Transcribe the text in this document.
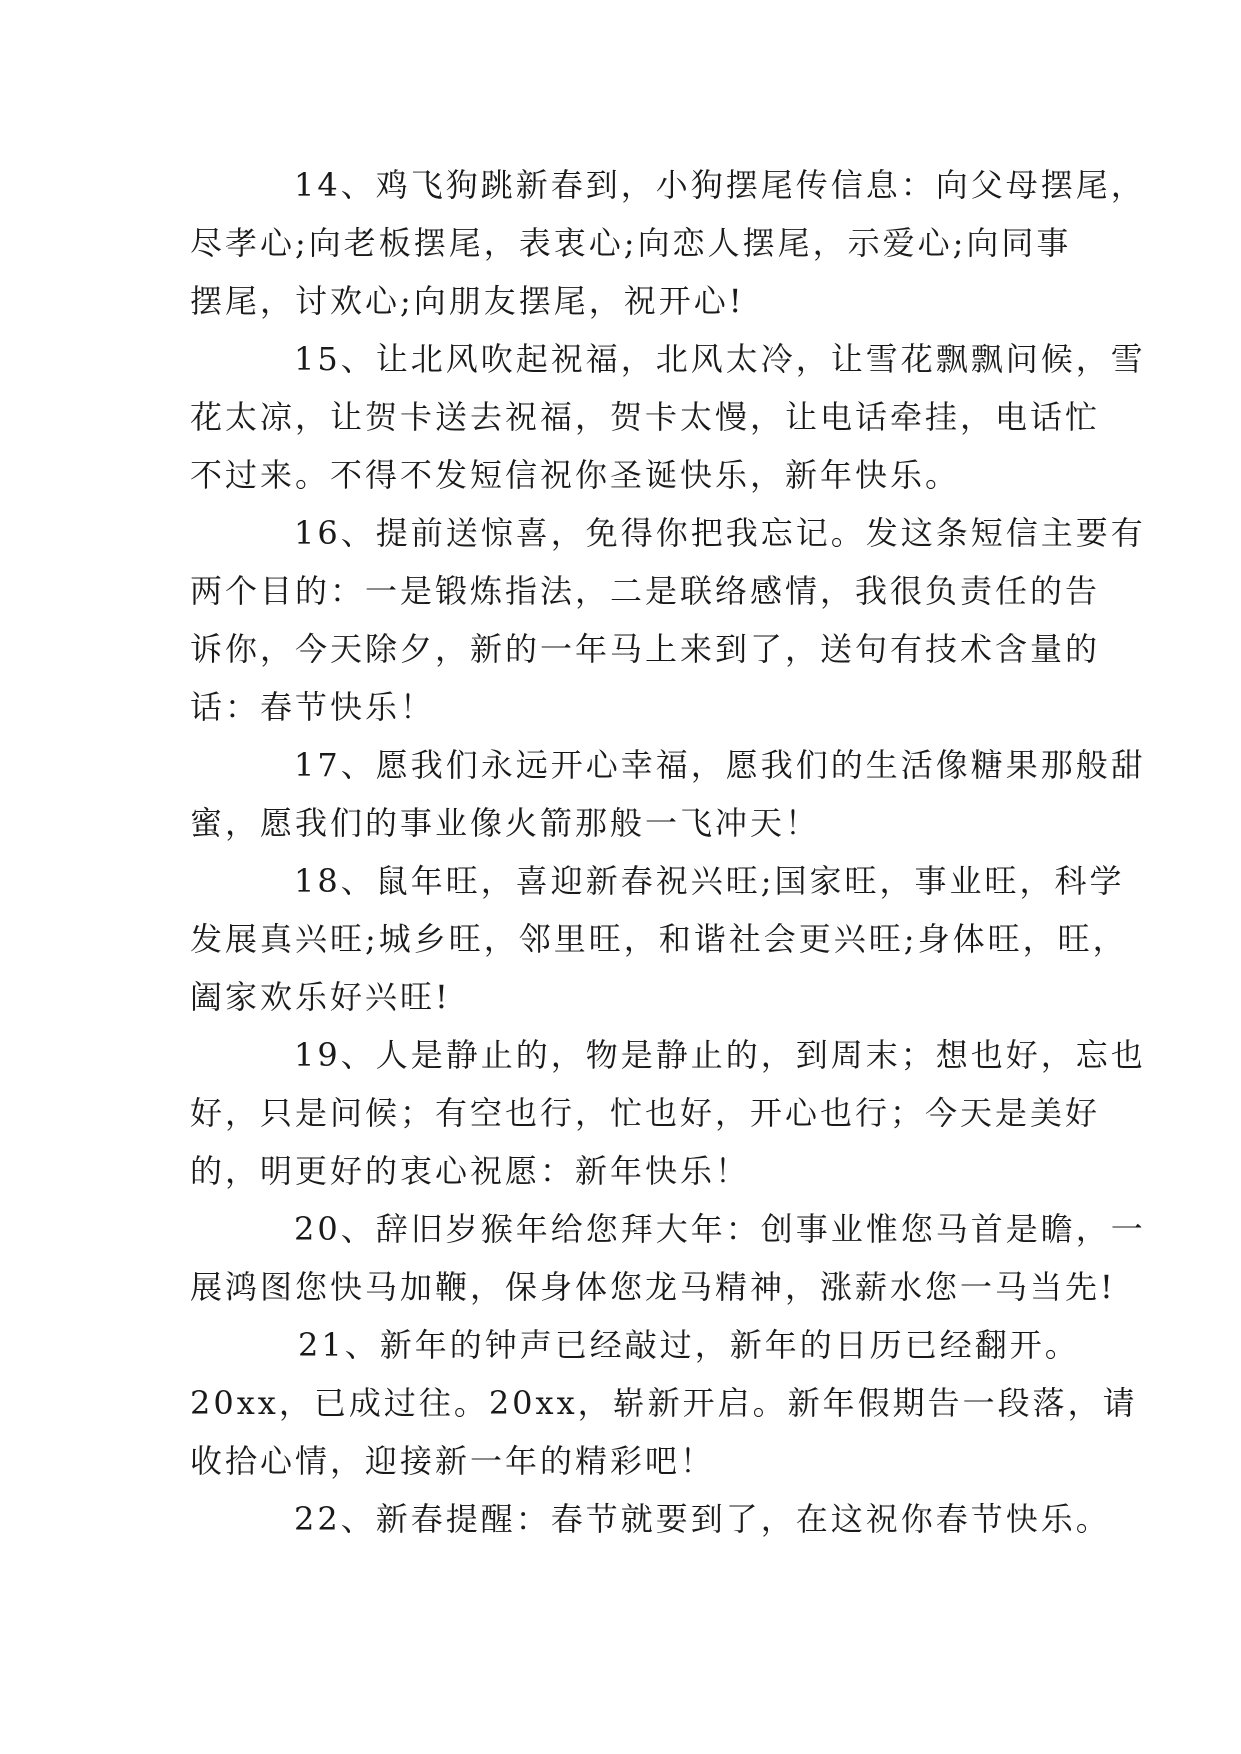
14、鸡飞狗跳新春到，小狗摆尾传信息：向父母摆尾，
尽孝心;向老板摆尾，表衷心;向恋人摆尾，示爱心;向同事
摆尾，讨欢心;向朋友摆尾，祝开心!

15、让北风吹起祝福，北风太冷，让雪花飘飘问候，雪
花太凉，让贺卡送去祝福，贺卡太慢，让电话牵挂，电话忙
不过来。不得不发短信祝你圣诞快乐，新年快乐。

16、提前送惊喜，免得你把我忘记。发这条短信主要有
两个目的：一是锻炼指法，二是联络感情，我很负责任的告
诉你，今天除夕，新的一年马上来到了，送句有技术含量的
话：春节快乐！

17、愿我们永远开心幸福，愿我们的生活像糖果那般甜
蜜，愿我们的事业像火箭那般一飞冲天！

18、鼠年旺，喜迎新春祝兴旺;国家旺，事业旺，科学
发展真兴旺;城乡旺，邻里旺，和谐社会更兴旺;身体旺，旺，
阖家欢乐好兴旺!

19、人是静止的，物是静止的，到周末；想也好，忘也
好，只是问候；有空也行，忙也好，开心也行；今天是美好
的，明更好的衷心祝愿：新年快乐！

20、辞旧岁猴年给您拜大年：创事业惟您马首是瞻，一
展鸿图您快马加鞭，保身体您龙马精神，涨薪水您一马当先!

21、新年的钟声已经敲过，新年的日历已经翻开。
20xx，已成过往。20xx，崭新开启。新年假期告一段落，请
收拾心情，迎接新一年的精彩吧！

22、新春提醒：春节就要到了，在这祝你春节快乐。
